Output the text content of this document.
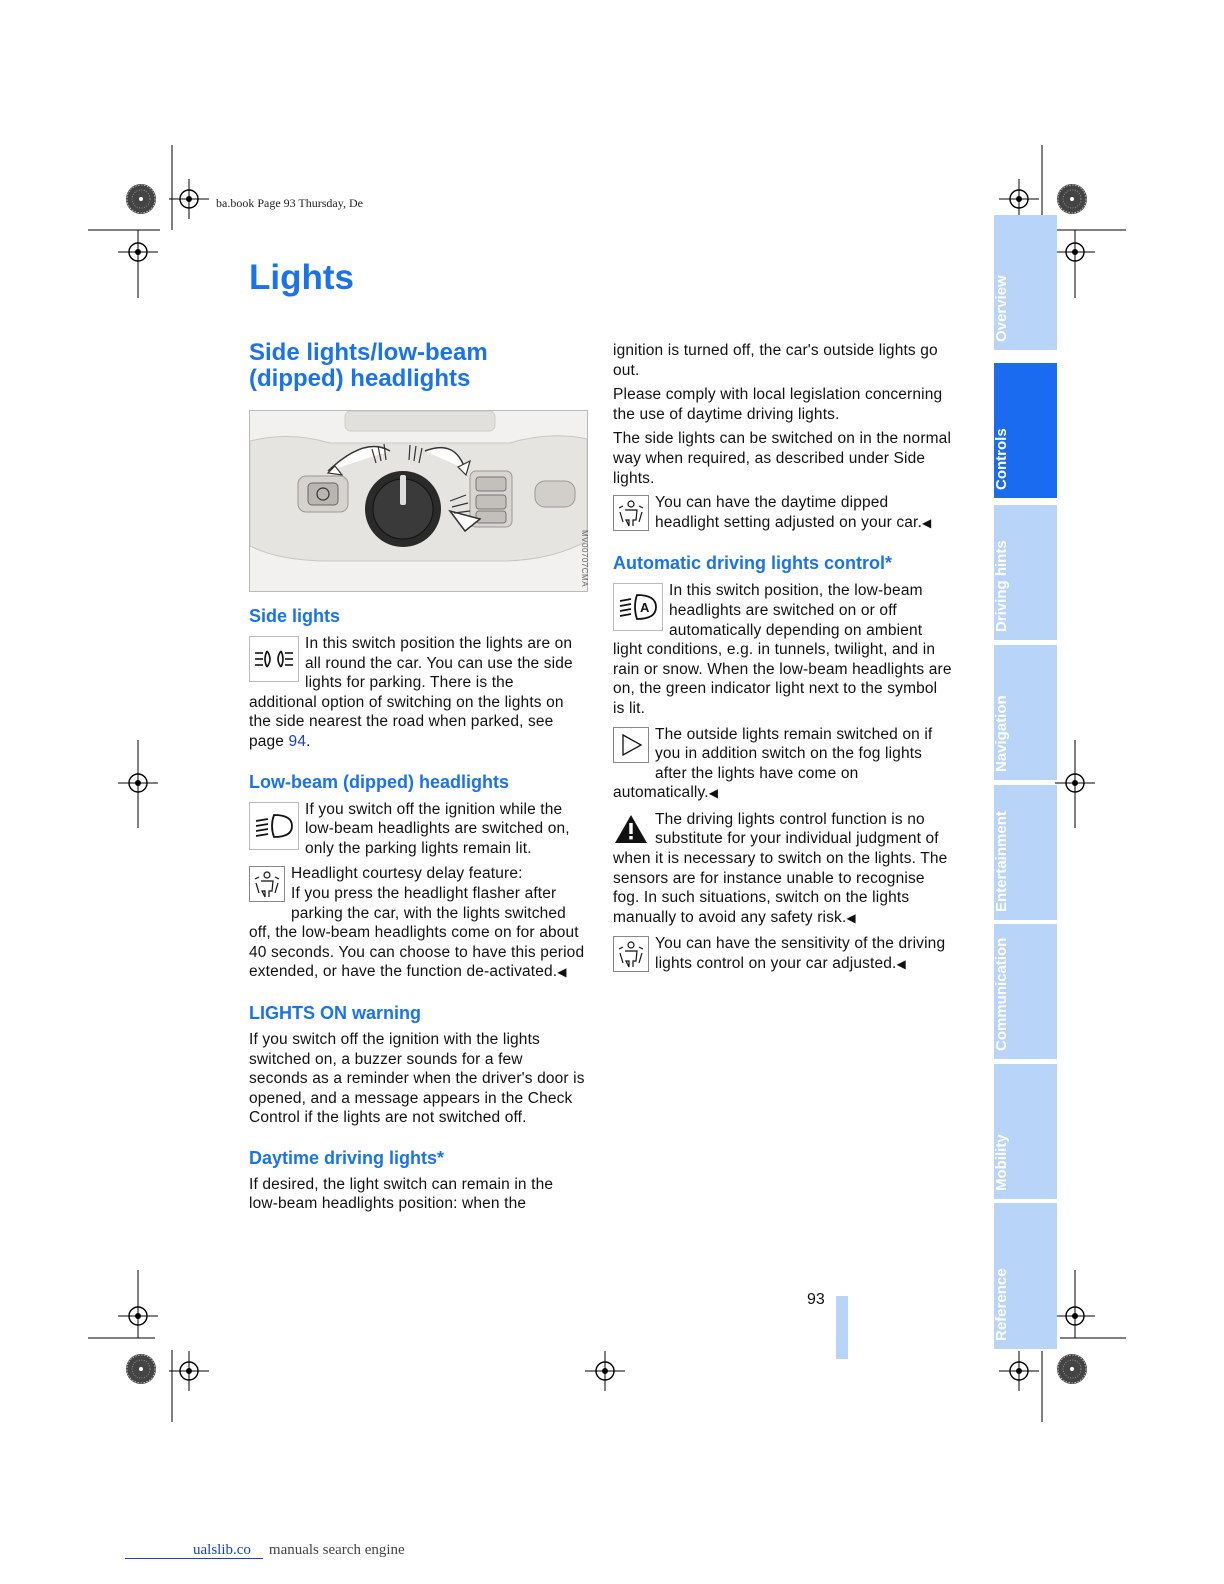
ba.book Page 93 Thursday, De
Lights
Side lights/low-beam (dipped) headlights
MV00707CMA
Side lights

In this switch position the lights are on all round the car. You can use the side lights for parking. There is the additional option of switching on the lights on the side nearest the road when parked, see page 94.

Low-beam (dipped) headlights

If you switch off the ignition while the low-beam headlights are switched on, only the parking lights remain lit.

Headlight courtesy delay feature:
If you press the headlight flasher after parking the car, with the lights switched off, the low-beam headlights come on for about 40 seconds. You can choose to have this period extended, or have the function de-activated.◀

LIGHTS ON warning

If you switch off the ignition with the lights switched on, a buzzer sounds for a few seconds as a reminder when the driver's door is opened, and a message appears in the Check Control if the lights are not switched off.

Daytime driving lights*

If desired, the light switch can remain in the low-beam headlights position: when the

ignition is turned off, the car's outside lights go out.

Please comply with local legislation concerning the use of daytime driving lights.

The side lights can be switched on in the normal way when required, as described under Side lights.

You can have the daytime dipped headlight setting adjusted on your car.◀

Automatic driving lights control*
A

In this switch position, the low-beam headlights are switched on or off automatically depending on ambient light conditions, e.g. in tunnels, twilight, and in rain or snow. When the low-beam headlights are on, the green indicator light next to the symbol is lit.

The outside lights remain switched on if you in addition switch on the fog lights after the lights have come on automatically.◀

The driving lights control function is no substitute for your individual judgment of when it is necessary to switch on the lights. The sensors are for instance unable to recognise fog. In such situations, switch on the lights manually to avoid any safety risk.◀

You can have the sensitivity of the driving lights control on your car adjusted.◀

Overview
Controls
Driving hints
Navigation
Entertainment
Communication
Mobility
Reference
93
ualslib.co manuals search engine
